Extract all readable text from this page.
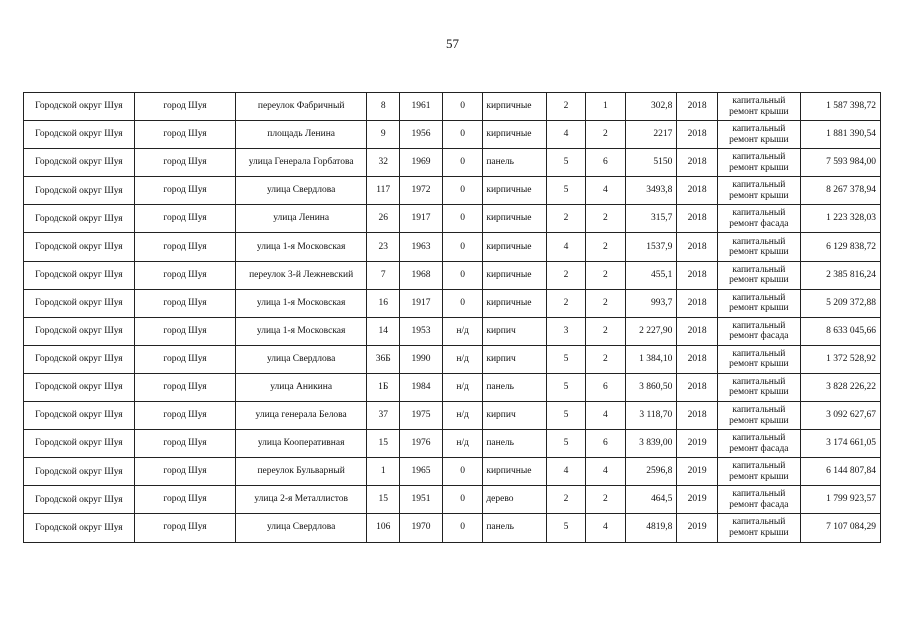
57
Городской округ Шуя	город Шуя	переулок Фабричный	8	1961	0	кирпичные	2	1	302,8	2018	капитальный ремонт крыши	1 587 398,72
Городской округ Шуя	город Шуя	площадь Ленина	9	1956	0	кирпичные	4	2	2217	2018	капитальный ремонт крыши	1 881 390,54
Городской округ Шуя	город Шуя	улица Генерала Горбатова	32	1969	0	панель	5	6	5150	2018	капитальный ремонт крыши	7 593 984,00
Городской округ Шуя	город Шуя	улица Свердлова	117	1972	0	кирпичные	5	4	3493,8	2018	капитальный ремонт крыши	8 267 378,94
Городской округ Шуя	город Шуя	улица Ленина	26	1917	0	кирпичные	2	2	315,7	2018	капитальный ремонт фасада	1 223 328,03
Городской округ Шуя	город Шуя	улица 1-я Московская	23	1963	0	кирпичные	4	2	1537,9	2018	капитальный ремонт крыши	6 129 838,72
Городской округ Шуя	город Шуя	переулок 3-й Лежневский	7	1968	0	кирпичные	2	2	455,1	2018	капитальный ремонт крыши	2 385 816,24
Городской округ Шуя	город Шуя	улица 1-я Московская	16	1917	0	кирпичные	2	2	993,7	2018	капитальный ремонт крыши	5 209 372,88
Городской округ Шуя	город Шуя	улица 1-я Московская	14	1953	н/д	кирпич	3	2	2 227,90	2018	капитальный ремонт фасада	8 633 045,66
Городской округ Шуя	город Шуя	улица Свердлова	36Б	1990	н/д	кирпич	5	2	1 384,10	2018	капитальный ремонт крыши	1 372 528,92
Городской округ Шуя	город Шуя	улица Аникина	1Б	1984	н/д	панель	5	6	3 860,50	2018	капитальный ремонт крыши	3 828 226,22
Городской округ Шуя	город Шуя	улица генерала Белова	37	1975	н/д	кирпич	5	4	3 118,70	2018	капитальный ремонт крыши	3 092 627,67
Городской округ Шуя	город Шуя	улица Кооперативная	15	1976	н/д	панель	5	6	3 839,00	2019	капитальный ремонт фасада	3 174 661,05
Городской округ Шуя	город Шуя	переулок Бульварный	1	1965	0	кирпичные	4	4	2596,8	2019	капитальный ремонт крыши	6 144 807,84
Городской округ Шуя	город Шуя	улица 2-я Металлистов	15	1951	0	дерево	2	2	464,5	2019	капитальный ремонт фасада	1 799 923,57
Городской округ Шуя	город Шуя	улица Свердлова	106	1970	0	панель	5	4	4819,8	2019	капитальный ремонт крыши	7 107 084,29
